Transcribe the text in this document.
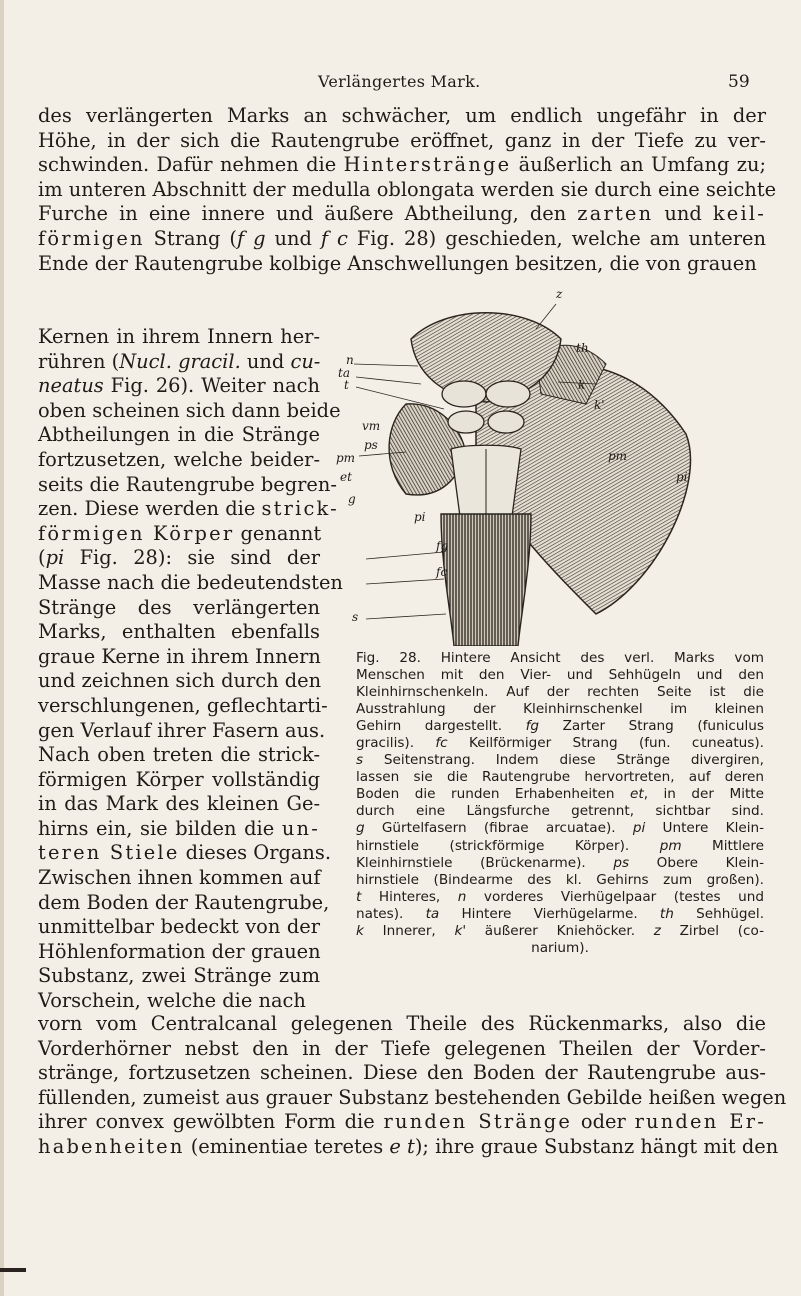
Verlängertes Mark.	59
des verlängerten Marks an schwächer, um endlich ungefähr in der
Höhe, in der sich die Rautengrube eröffnet, ganz in der Tiefe zu ver-
schwinden. Dafür nehmen die Hinterstränge äußerlich an Umfang zu;
im unteren Abschnitt der medulla oblongata werden sie durch eine seichte
Furche in eine innere und äußere Abtheilung, den zarten und keil-
förmigen Strang (f g und f c Fig. 28) geschieden, welche am unteren
Ende der Rautengrube kolbige Anschwellungen besitzen, die von grauen
Kernen in ihrem Innern her-
rühren (Nucl. gracil. und cu-
neatus Fig. 26). Weiter nach
oben scheinen sich dann beide
Abtheilungen in die Stränge
fortzusetzen, welche beider-
seits die Rautengrube begren-
zen. Diese werden die strick-
förmigen Körper genannt
(pi Fig. 28): sie sind der
Masse nach die bedeutendsten
Stränge des verlängerten
Marks, enthalten ebenfalls
graue Kerne in ihrem Innern
und zeichnen sich durch den
verschlungenen, geflechtarti-
gen Verlauf ihrer Fasern aus.
Nach oben treten die strick-
förmigen Körper vollständig
in das Mark des kleinen Ge-
hirns ein, sie bilden die un-
teren Stiele dieses Organs.
Zwischen ihnen kommen auf
dem Boden der Rautengrube,
unmittelbar bedeckt von der
Höhlenformation der grauen
Substanz, zwei Stränge zum
Vorschein, welche die nach
z
th
n
k
ta
t
k'
vm
ps
pm	pm
et	pi
g
pi
fg
fc
s
Fig. 28. Hintere Ansicht des verl. Marks vom
Menschen mit den Vier- und Sehhügeln und den
Kleinhirnschenkeln. Auf der rechten Seite ist die
Ausstrahlung der Kleinhirnschenkel im kleinen
Gehirn dargestellt. fg Zarter Strang (funiculus
gracilis). fc Keilförmiger Strang (fun. cuneatus).
s Seitenstrang. Indem diese Stränge divergiren,
lassen sie die Rautengrube hervortreten, auf deren
Boden die runden Erhabenheiten et, in der Mitte
durch eine Längsfurche getrennt, sichtbar sind.
g Gürtelfasern (fibrae arcuatae). pi Untere Klein-
hirnstiele (strickförmige Körper). pm Mittlere
Kleinhirnstiele (Brückenarme). ps Obere Klein-
hirnstiele (Bindearme des kl. Gehirns zum großen).
t Hinteres, n vorderes Vierhügelpaar (testes und
nates). ta Hintere Vierhügelarme. th Sehhügel.
k Innerer, k' äußerer Kniehöcker. z Zirbel (co-
narium).
vorn vom Centralcanal gelegenen Theile des Rückenmarks, also die
Vorderhörner nebst den in der Tiefe gelegenen Theilen der Vorder-
stränge, fortzusetzen scheinen. Diese den Boden der Rautengrube aus-
füllenden, zumeist aus grauer Substanz bestehenden Gebilde heißen wegen
ihrer convex gewölbten Form die runden Stränge oder runden Er-
habenheiten (eminentiae teretes e t); ihre graue Substanz hängt mit den
